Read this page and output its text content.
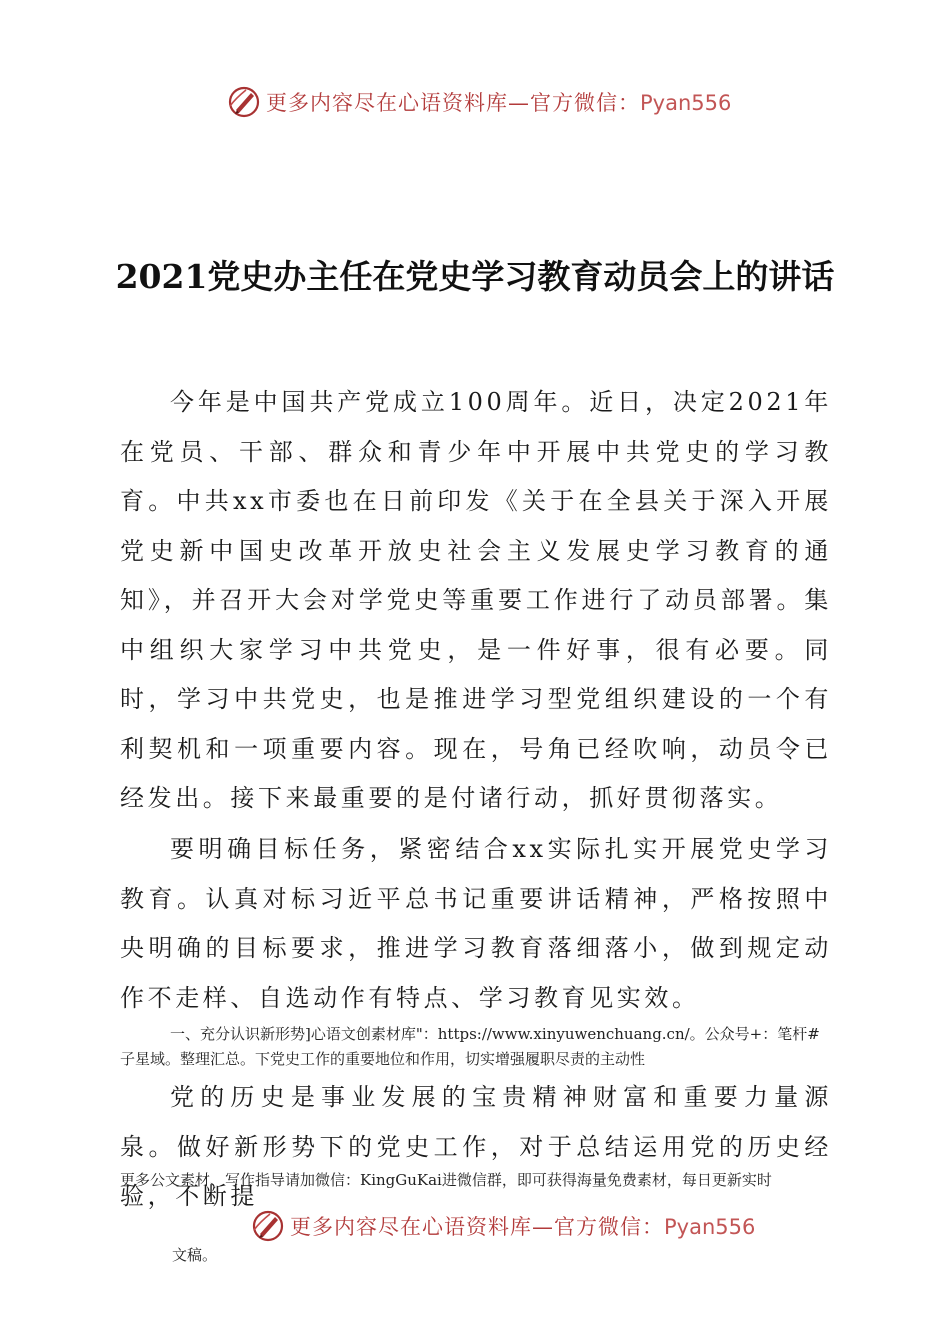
更多内容尽在心语资料库—官方微信：Pyan556
2021党史办主任在党史学习教育动员会上的讲话

今年是中国共产党成立100周年。近日，决定2021年在党员、干部、群众和青少年中开展中共党史的学习教育。中共xx市委也在日前印发《关于在全县关于深入开展党史新中国史改革开放史社会主义发展史学习教育的通知》，并召开大会对学党史等重要工作进行了动员部署。集中组织大家学习中共党史，是一件好事，很有必要。同时，学习中共党史，也是推进学习型党组织建设的一个有利契机和一项重要内容。现在，号角已经吹响，动员令已经发出。接下来最重要的是付诸行动，抓好贯彻落实。

要明确目标任务，紧密结合xx实际扎实开展党史学习教育。认真对标习近平总书记重要讲话精神，严格按照中央明确的目标要求，推进学习教育落细落小，做到规定动作不走样、自选动作有特点、学习教育见实效。

一、充分认识新形势]心语文创素材库"：https://www.xinyuwenchuang.cn/。公众号+：笔杆#子星域。整理汇总。下党史工作的重要地位和作用，切实增强履职尽责的主动性

党的历史是事业发展的宝贵精神财富和重要力量源泉。做好新形势下的党史工作，对于总结运用党的历史经验，不断提

更多公文素材、写作指导请加微信：KingGuKai进微信群，即可获得海量免费素材，每日更新实时

更多内容尽在心语资料库—官方微信：Pyan556

文稿。
